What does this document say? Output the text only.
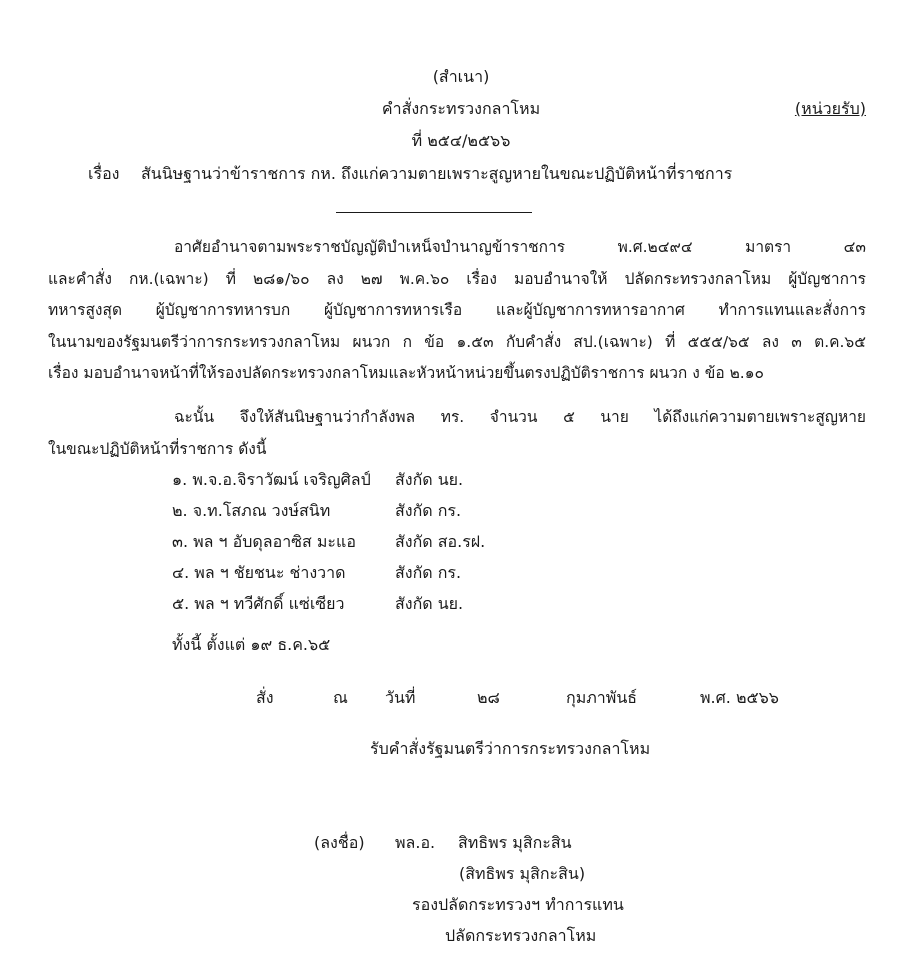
(สำเนา)
คำสั่งกระทรวงกลาโหม	(หน่วยรับ)
ที่ ๒๕๔/๒๕๖๖
เรื่อง สันนิษฐานว่าข้าราชการ กห. ถึงแก่ความตายเพราะสูญหายในขณะปฏิบัติหน้าที่ราชการ
อาศัยอำนาจตามพระราชบัญญัติบำเหน็จบำนาญข้าราชการ พ.ศ.๒๔๙๔ มาตรา ๔๓
และคำสั่ง กห.(เฉพาะ) ที่ ๒๘๑/๖๐ ลง ๒๗ พ.ค.๖๐ เรื่อง มอบอำนาจให้ ปลัดกระทรวงกลาโหม ผู้บัญชาการ
ทหารสูงสุด ผู้บัญชาการทหารบก ผู้บัญชาการทหารเรือ และผู้บัญชาการทหารอากาศ ทำการแทนและสั่งการ
ในนามของรัฐมนตรีว่าการกระทรวงกลาโหม ผนวก ก ข้อ ๑.๕๓ กับคำสั่ง สป.(เฉพาะ) ที่ ๕๕๕/๖๕ ลง ๓ ต.ค.๖๕
เรื่อง มอบอำนาจหน้าที่ให้รองปลัดกระทรวงกลาโหมและหัวหน้าหน่วยขึ้นตรงปฏิบัติราชการ ผนวก ง ข้อ ๒.๑๐
ฉะนั้น จึงให้สันนิษฐานว่ากำลังพล ทร. จำนวน ๕ นาย ได้ถึงแก่ความตายเพราะสูญหาย
ในขณะปฏิบัติหน้าที่ราชการ ดังนี้
๑. พ.จ.อ.จิราวัฒน์ เจริญศิลป์ สังกัด นย.
๒. จ.ท.โสภณ วงษ์สนิท	สังกัด กร.
๓. พล ฯ อับดุลอาซิส มะแอ สังกัด สอ.รฝ.
๔. พล ฯ ชัยชนะ ช่างวาด	สังกัด กร.
๕. พล ฯ ทวีศักดิ์ แซ่เซียว	สังกัด นย.
ทั้งนี้ ตั้งแต่ ๑๙ ธ.ค.๖๕
สั่ง	ณ วันที่	๒๘	กุมภาพันธ์	พ.ศ. ๒๕๖๖
รับคำสั่งรัฐมนตรีว่าการกระทรวงกลาโหม
(ลงชื่อ) พล.อ. สิทธิพร มุสิกะสิน
(สิทธิพร มุสิกะสิน)
รองปลัดกระทรวงฯ ทำการแทน
ปลัดกระทรวงกลาโหม
